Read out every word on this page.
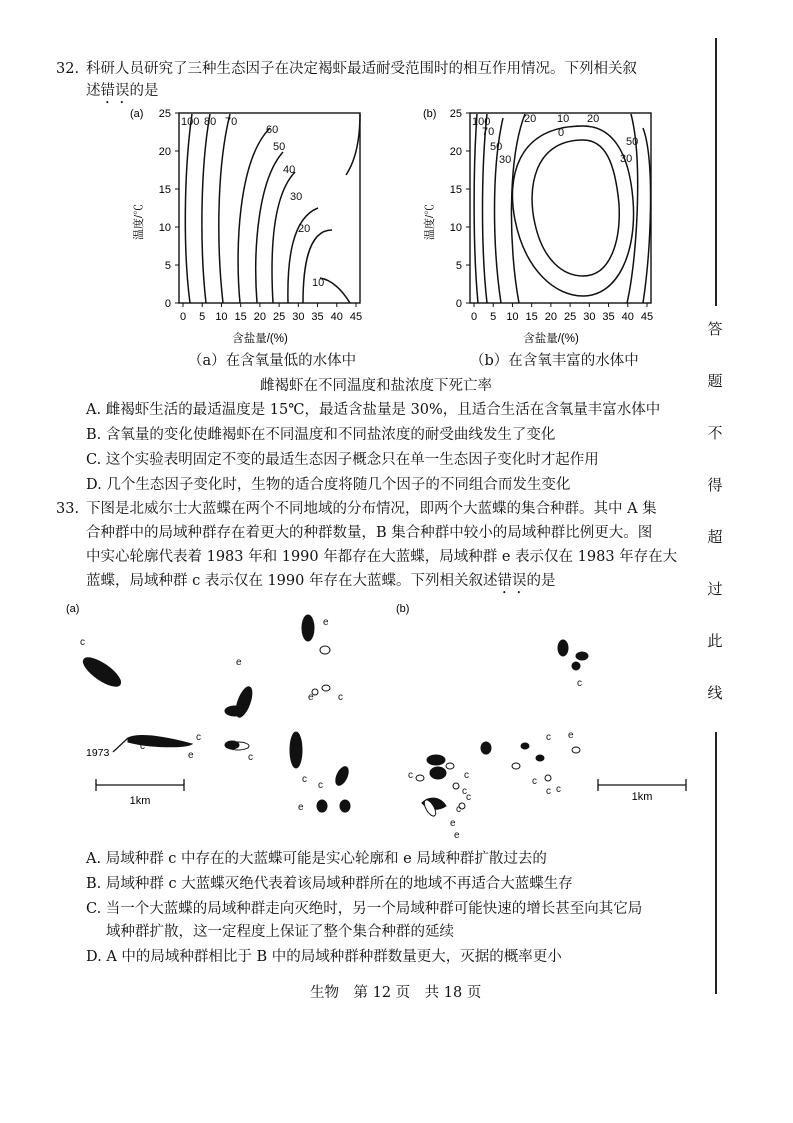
32. 科研人员研究了三种生态因子在决定褐虾最适耐受范围时的相互作用情况。下列相关叙
述错误的是
(a)
温度/℃
0 5 10 15 20 25 30 35 40 45
0
5
10
15
20
25
100 80 70
60
50
40
30
20
10
含盐量/(%)
(b)
温度/℃
0 5 10 15 20 25 30 35 40 45
0
5
10
15
20
25
100
70
50
30
20 10 20
0
50
30
含盐量/(%)
（a）在含氧量低的水体中	（b）在含氧丰富的水体中
雌褐虾在不同温度和盐浓度下死亡率
A. 雌褐虾生活的最适温度是 15℃，最适含盐量是 30%，且适合生活在含氧量丰富水体中
B. 含氧量的变化使雌褐虾在不同温度和不同盐浓度的耐受曲线发生了变化
C. 这个实验表明固定不变的最适生态因子概念只在单一生态因子变化时才起作用
D. 几个生态因子变化时，生物的适合度将随几个因子的不同组合而发生变化
33. 下图是北威尔士大蓝蝶在两个不同地域的分布情况，即两个大蓝蝶的集合种群。其中 A 集
合种群中的局域种群存在着更大的种群数量，B 集合种群中较小的局域种群比例更大。图
中实心轮廓代表着 1983 年和 1990 年都存在大蓝蝶，局域种群 e 表示仅在 1983 年存在大
蓝蝶，局域种群 c 表示仅在 1990 年存在大蓝蝶。下列相关叙述错误的是
(a)
c
c
c
c
c
c
c
e
e
e
e
e
1973
1km
(b)
c
c	c
c
c
c
c
c
c c
e
e
e
1km
A. 局域种群 c 中存在的大蓝蝶可能是实心轮廓和 e 局域种群扩散过去的
B. 局域种群 c 大蓝蝶灭绝代表着该局域种群所在的地域不再适合大蓝蝶生存
C. 当一个大蓝蝶的局域种群走向灭绝时，另一个局域种群可能快速的增长甚至向其它局
域种群扩散，这一定程度上保证了整个集合种群的延续
D. A 中的局域种群相比于 B 中的局域种群种群数量更大，灭据的概率更小
生物　第 12 页　共 18 页
答
题
不
得
超
过
此
线
